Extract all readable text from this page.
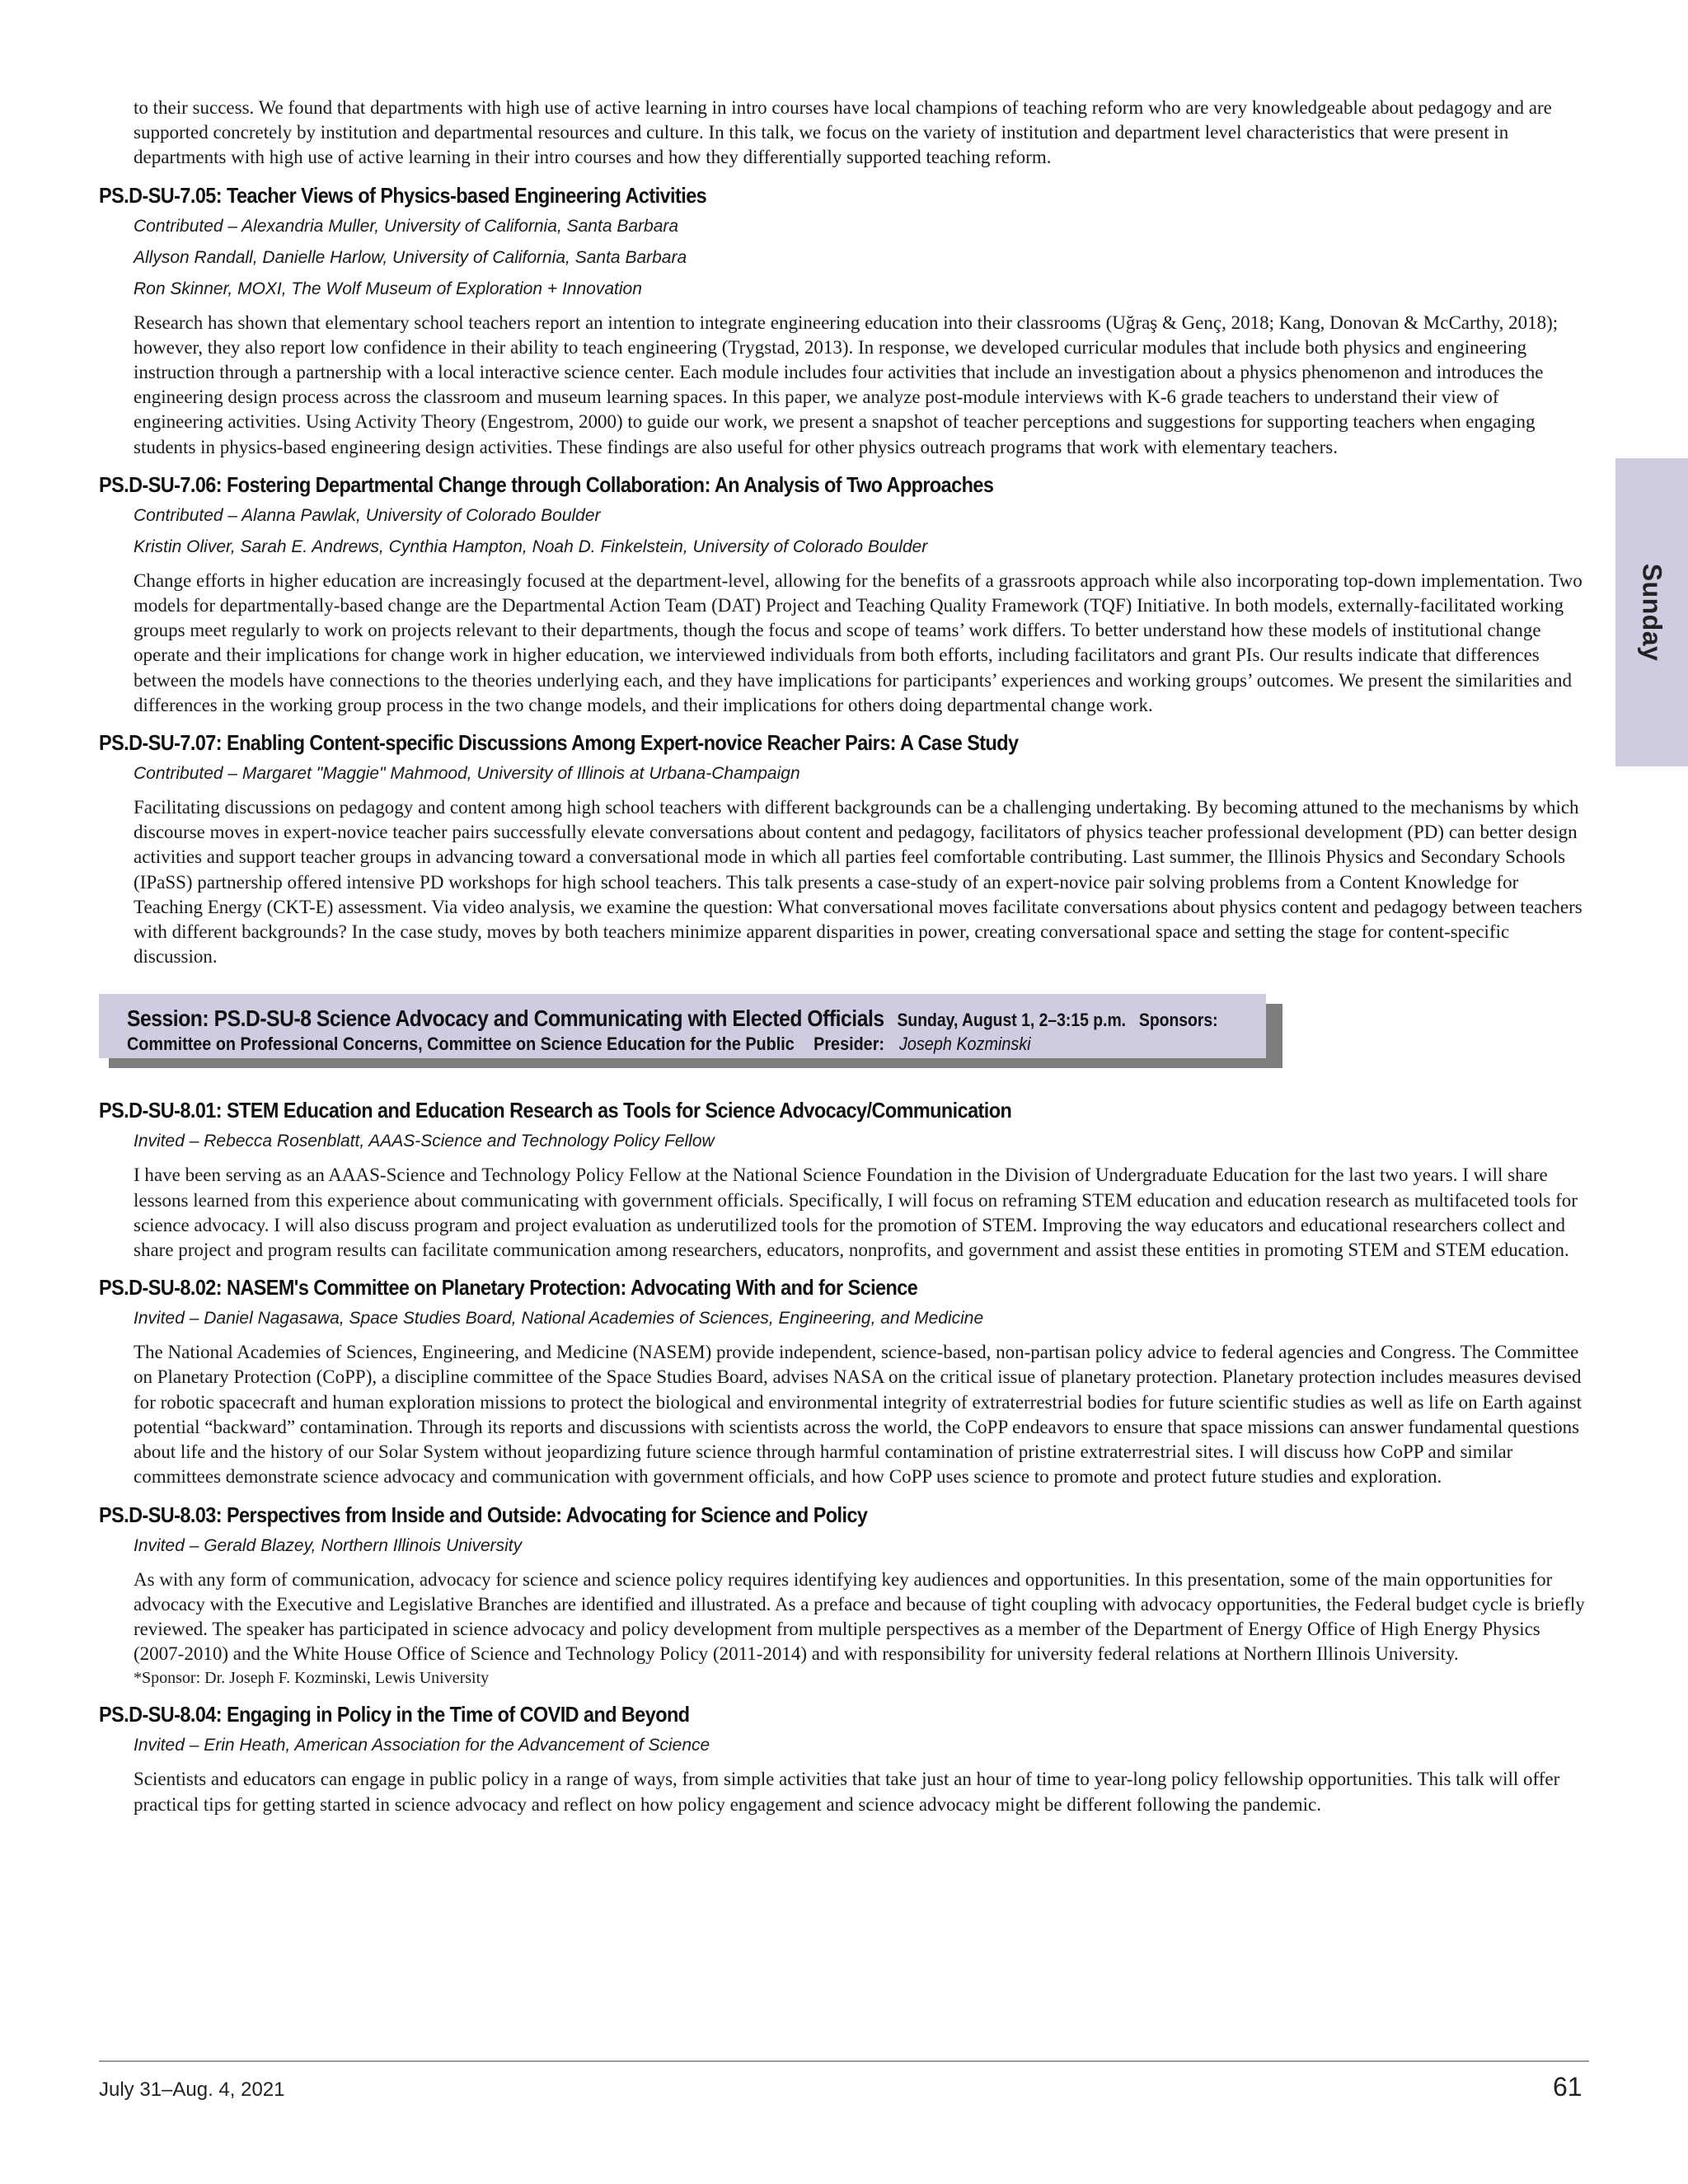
to their success. We found that departments with high use of active learning in intro courses have local champions of teaching reform who are very knowledgeable about pedagogy and are supported concretely by institution and departmental resources and culture. In this talk, we focus on the variety of institution and department level characteristics that were present in departments with high use of active learning in their intro courses and how they differentially supported teaching reform.

PS.D-SU-7.05: Teacher Views of Physics-based Engineering Activities
Contributed – Alexandria Muller, University of California, Santa Barbara
Allyson Randall, Danielle Harlow, University of California, Santa Barbara
Ron Skinner, MOXI, The Wolf Museum of Exploration + Innovation

Research has shown that elementary school teachers report an intention to integrate engineering education into their classrooms (Uğraş & Genç, 2018; Kang, Donovan & McCarthy, 2018); however, they also report low confidence in their ability to teach engineering (Trygstad, 2013). In response, we developed curricular modules that include both physics and engineering instruction through a partnership with a local interactive science center. Each module includes four activities that include an investigation about a physics phenomenon and introduces the engineering design process across the classroom and museum learning spaces. In this paper, we analyze post-module interviews with K-6 grade teachers to understand their view of engineering activities. Using Activity Theory (Engestrom, 2000) to guide our work, we present a snapshot of teacher perceptions and suggestions for supporting teachers when engaging students in physics-based engineering design activities. These findings are also useful for other physics outreach programs that work with elementary teachers.

PS.D-SU-7.06: Fostering Departmental Change through Collaboration: An Analysis of Two Approaches
Contributed – Alanna Pawlak, University of Colorado Boulder
Kristin Oliver, Sarah E. Andrews, Cynthia Hampton, Noah D. Finkelstein, University of Colorado Boulder

Change efforts in higher education are increasingly focused at the department-level, allowing for the benefits of a grassroots approach while also incorporating top-down implementation. Two models for departmentally-based change are the Departmental Action Team (DAT) Project and Teaching Quality Framework (TQF) Initiative. In both models, externally-facilitated working groups meet regularly to work on projects relevant to their departments, though the focus and scope of teams’ work differs. To better understand how these models of institutional change operate and their implications for change work in higher education, we interviewed individuals from both efforts, including facilitators and grant PIs. Our results indicate that differences between the models have connections to the theories underlying each, and they have implications for participants’ experiences and working groups’ outcomes. We present the similarities and differences in the working group process in the two change models, and their implications for others doing departmental change work.

PS.D-SU-7.07: Enabling Content-specific Discussions Among Expert-novice Reacher Pairs: A Case Study
Contributed – Margaret "Maggie" Mahmood, University of Illinois at Urbana-Champaign

Facilitating discussions on pedagogy and content among high school teachers with different backgrounds can be a challenging undertaking. By becoming attuned to the mechanisms by which discourse moves in expert-novice teacher pairs successfully elevate conversations about content and pedagogy, facilitators of physics teacher professional development (PD) can better design activities and support teacher groups in advancing toward a conversational mode in which all parties feel comfortable contributing. Last summer, the Illinois Physics and Secondary Schools (IPaSS) partnership offered intensive PD workshops for high school teachers. This talk presents a case-study of an expert-novice pair solving problems from a Content Knowledge for Teaching Energy (CKT-E) assessment. Via video analysis, we examine the question: What conversational moves facilitate conversations about physics content and pedagogy between teachers with different backgrounds? In the case study, moves by both teachers minimize apparent disparities in power, creating conversational space and setting the stage for content-specific discussion.

Session: PS.D-SU-8 Science Advocacy and Communicating with Elected Officials Sunday, August 1, 2–3:15 p.m. Sponsors:
Committee on Professional Concerns, Committee on Science Education for the Public Presider: Joseph Kozminski
PS.D-SU-8.01: STEM Education and Education Research as Tools for Science Advocacy/Communication
Invited – Rebecca Rosenblatt, AAAS-Science and Technology Policy Fellow

I have been serving as an AAAS-Science and Technology Policy Fellow at the National Science Foundation in the Division of Undergraduate Education for the last two years. I will share lessons learned from this experience about communicating with government officials. Specifically, I will focus on reframing STEM education and education research as multifaceted tools for science advocacy. I will also discuss program and project evaluation as underutilized tools for the promotion of STEM. Improving the way educators and educational researchers collect and share project and program results can facilitate communication among researchers, educators, nonprofits, and government and assist these entities in promoting STEM and STEM education.

PS.D-SU-8.02: NASEM's Committee on Planetary Protection: Advocating With and for Science
Invited – Daniel Nagasawa, Space Studies Board, National Academies of Sciences, Engineering, and Medicine

The National Academies of Sciences, Engineering, and Medicine (NASEM) provide independent, science-based, non-partisan policy advice to federal agencies and Congress. The Committee on Planetary Protection (CoPP), a discipline committee of the Space Studies Board, advises NASA on the critical issue of planetary protection. Planetary protection includes measures devised for robotic spacecraft and human exploration missions to protect the biological and environmental integrity of extraterrestrial bodies for future scientific studies as well as life on Earth against potential “backward” contamination. Through its reports and discussions with scientists across the world, the CoPP endeavors to ensure that space missions can answer fundamental questions about life and the history of our Solar System without jeopardizing future science through harmful contamination of pristine extraterrestrial sites. I will discuss how CoPP and similar committees demonstrate science advocacy and communication with government officials, and how CoPP uses science to promote and protect future studies and exploration.

PS.D-SU-8.03: Perspectives from Inside and Outside: Advocating for Science and Policy
Invited – Gerald Blazey, Northern Illinois University

As with any form of communication, advocacy for science and science policy requires identifying key audiences and opportunities. In this presentation, some of the main opportunities for advocacy with the Executive and Legislative Branches are identified and illustrated. As a preface and because of tight coupling with advocacy opportunities, the Federal budget cycle is briefly reviewed. The speaker has participated in science advocacy and policy development from multiple perspectives as a member of the Department of Energy Office of High Energy Physics (2007-2010) and the White House Office of Science and Technology Policy (2011-2014) and with responsibility for university federal relations at Northern Illinois University.

*Sponsor: Dr. Joseph F. Kozminski, Lewis University
PS.D-SU-8.04: Engaging in Policy in the Time of COVID and Beyond
Invited – Erin Heath, American Association for the Advancement of Science

Scientists and educators can engage in public policy in a range of ways, from simple activities that take just an hour of time to year-long policy fellowship opportunities. This talk will offer practical tips for getting started in science advocacy and reflect on how policy engagement and science advocacy might be different following the pandemic.

Sunday
July 31–Aug. 4, 2021	61
